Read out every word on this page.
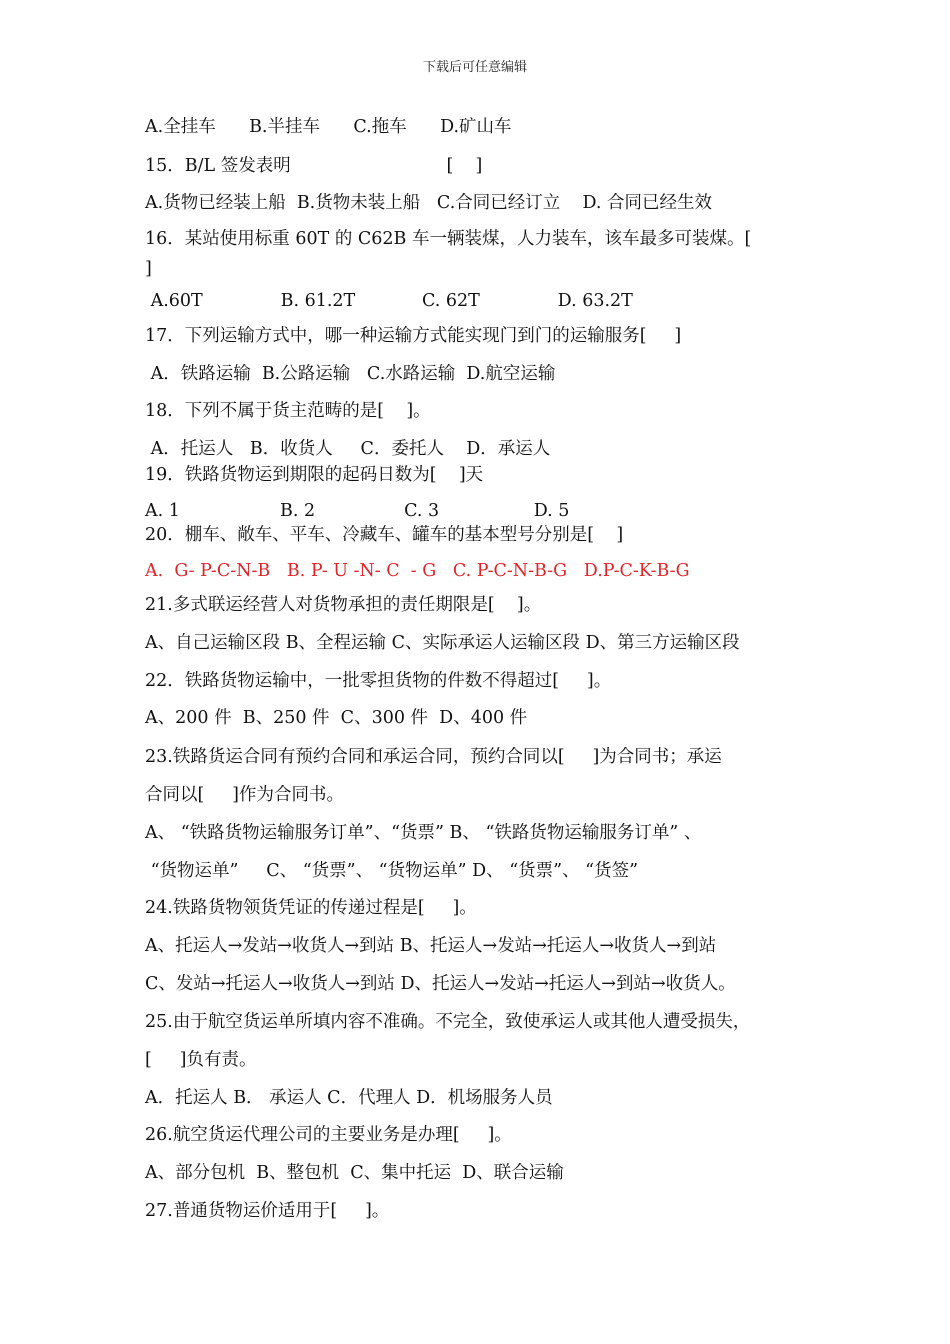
下载后可任意编辑
A.全挂车      B.半挂车      C.拖车      D.矿山车
15．B/L 签发表明                            [    ]
A.货物已经装上船  B.货物未装上船   C.合同已经订立    D. 合同已经生效
16．某站使用标重 60T 的 C62B 车一辆装煤，人力装车，该车最多可装煤。[
]
A.60T              B. 61.2T            C. 62T              D. 63.2T
17．下列运输方式中，哪一种运输方式能实现门到门的运输服务[     ]
A．铁路运输  B.公路运输   C.水路运输  D.航空运输
18．下列不属于货主范畴的是[    ]。
A．托运人   B．收货人     C．委托人    D．承运人
19．铁路货物运到期限的起码日数为[    ]天
A. 1                  B. 2                C. 3                 D. 5
20．棚车、敞车、平车、冷藏车、罐车的基本型号分别是[    ]
A.  G- P-C-N-B   B. P- U -N- C  - G   C. P-C-N-B-G   D.P-C-K-B-G
21.多式联运经营人对货物承担的责任期限是[    ]。
A、自己运输区段 B、全程运输 C、实际承运人运输区段 D、第三方运输区段
22．铁路货物运输中，一批零担货物的件数不得超过[     ]。
A、200 件  B、250 件  C、300 件  D、400 件
23.铁路货运合同有预约合同和承运合同，预约合同以[     ]为合同书；承运
合同以[     ]作为合同书。
A、 “铁路货物运输服务订单”、“货票” B、 “铁路货物运输服务订单” 、
“货物运单”     C、 “货票”、 “货物运单” D、 “货票”、 “货签”
24.铁路货物领货凭证的传递过程是[     ]。
A、托运人→发站→收货人→到站 B、托运人→发站→托运人→收货人→到站
C、发站→托运人→收货人→到站 D、托运人→发站→托运人→到站→收货人。
25.由于航空货运单所填内容不准确。不完全，致使承运人或其他人遭受损失，
[     ]负有责。
A．托运人 B． 承运人 C．代理人 D．机场服务人员
26.航空货运代理公司的主要业务是办理[     ]。
A、部分包机  B、整包机  C、集中托运  D、联合运输
27.普通货物运价适用于[     ]。
